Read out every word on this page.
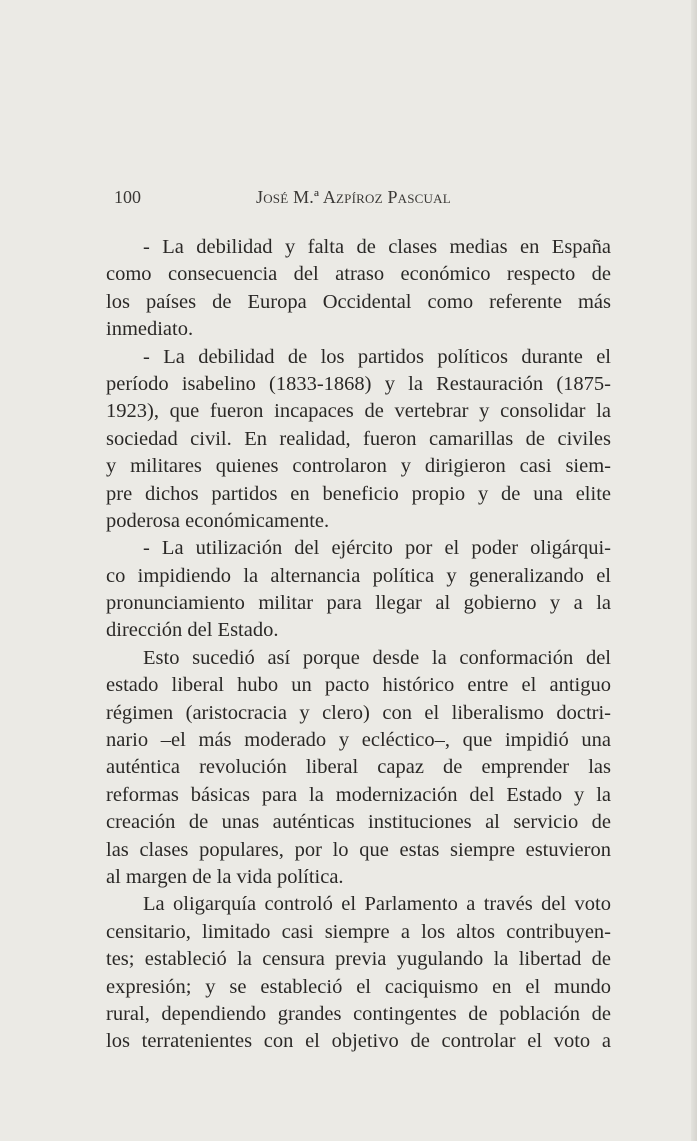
100	José M.ª Azpíroz Pascual

- La debilidad y falta de clases medias en España
como consecuencia del atraso económico respecto de
los países de Europa Occidental como referente más
inmediato.

- La debilidad de los partidos políticos durante el
período isabelino (1833-1868) y la Restauración (1875-
1923), que fueron incapaces de vertebrar y consolidar la
sociedad civil. En realidad, fueron camarillas de civiles
y militares quienes controlaron y dirigieron casi siem-
pre dichos partidos en beneficio propio y de una elite
poderosa económicamente.

- La utilización del ejército por el poder oligárqui-
co impidiendo la alternancia política y generalizando el
pronunciamiento militar para llegar al gobierno y a la
dirección del Estado.

Esto sucedió así porque desde la conformación del
estado liberal hubo un pacto histórico entre el antiguo
régimen (aristocracia y clero) con el liberalismo doctri-
nario –el más moderado y ecléctico–, que impidió una
auténtica revolución liberal capaz de emprender las
reformas básicas para la modernización del Estado y la
creación de unas auténticas instituciones al servicio de
las clases populares, por lo que estas siempre estuvieron
al margen de la vida política.

La oligarquía controló el Parlamento a través del voto
censitario, limitado casi siempre a los altos contribuyen-
tes; estableció la censura previa yugulando la libertad de
expresión; y se estableció el caciquismo en el mundo
rural, dependiendo grandes contingentes de población de
los terratenientes con el objetivo de controlar el voto a
